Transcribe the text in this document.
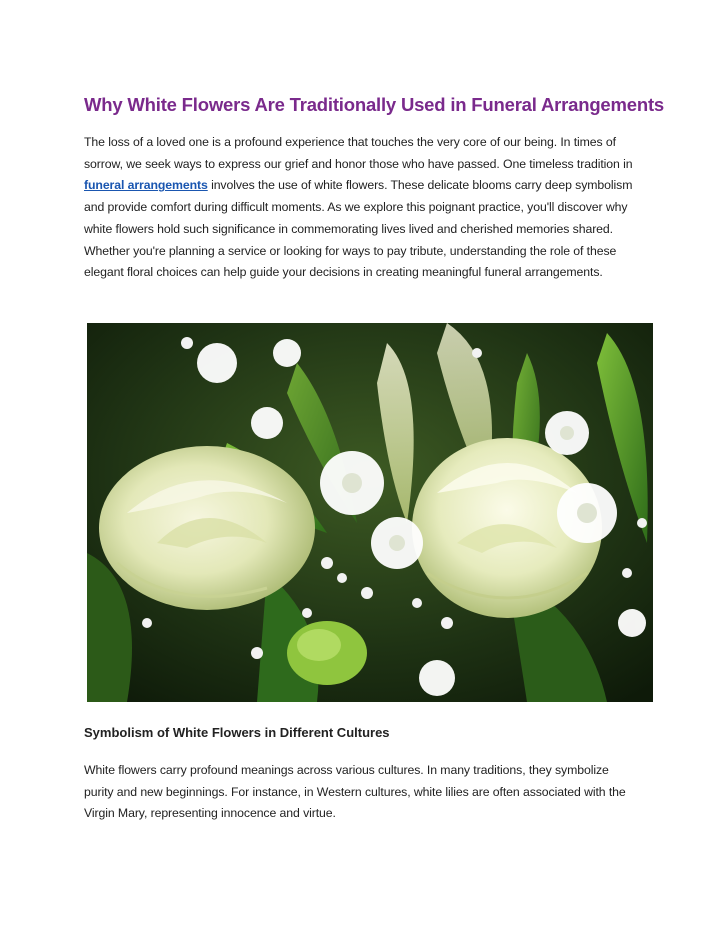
Why White Flowers Are Traditionally Used in Funeral Arrangements

The loss of a loved one is a profound experience that touches the very core of our being. In times of sorrow, we seek ways to express our grief and honor those who have passed. One timeless tradition in funeral arrangements involves the use of white flowers. These delicate blooms carry deep symbolism and provide comfort during difficult moments. As we explore this poignant practice, you'll discover why white flowers hold such significance in commemorating lives lived and cherished memories shared. Whether you're planning a service or looking for ways to pay tribute, understanding the role of these elegant floral choices can help guide your decisions in creating meaningful funeral arrangements.

Symbolism of White Flowers in Different Cultures

White flowers carry profound meanings across various cultures. In many traditions, they symbolize purity and new beginnings. For instance, in Western cultures, white lilies are often associated with the Virgin Mary, representing innocence and virtue.
